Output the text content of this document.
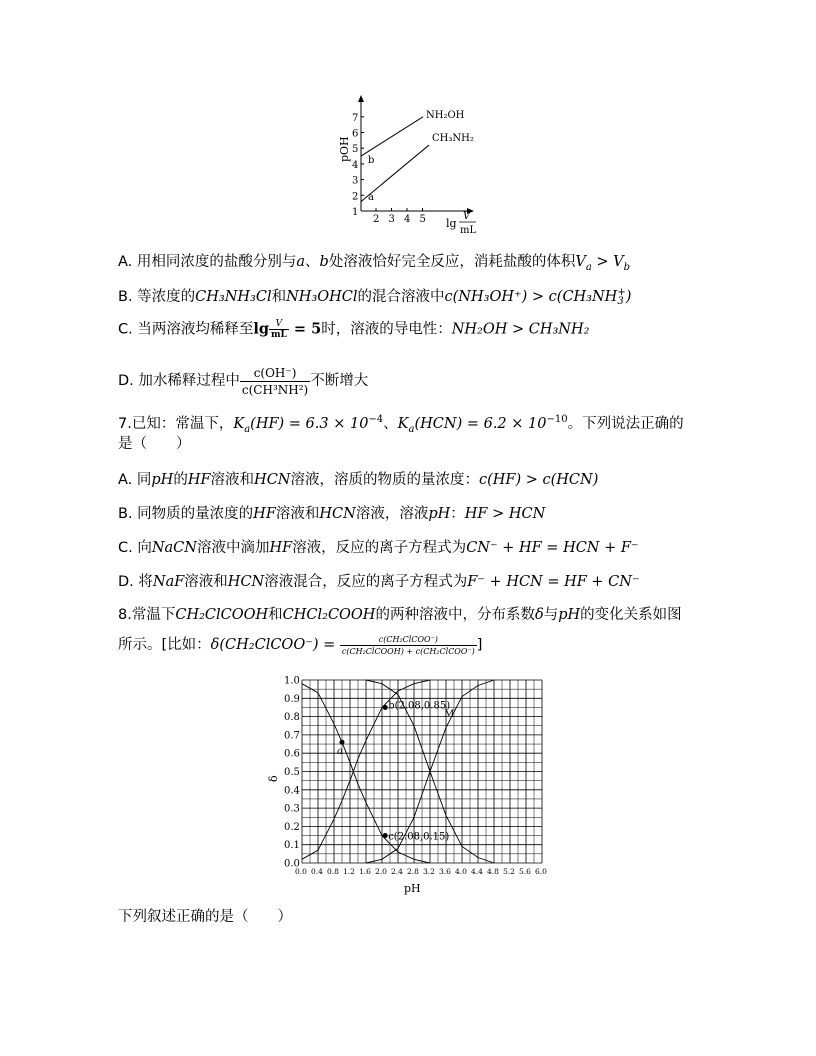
1
2
3
4
5
6
7
2 3 4 5
pOH
NH₂OH
CH₃NH₂
b
a
lg
V
mL
A. 用相同浓度的盐酸分别与a、b处溶液恰好完全反应，消耗盐酸的体积$V_a > V_b$
B. 等浓度的CH₃NH₃Cl和NH₃OHCl的混合溶液中c(NH₃OH⁺) > c(CH₃NH +
3 )
C. 当两溶液均稀释至$\lg \frac{V}{mL} = 5$时，溶液的导电性：NH₂OH > CH₃NH₂
D. 加水稀释过程中 $\frac{c(OH^-)}{\text{c(CH³NH²)}}$ 不断增大
7.已知：常温下，$K_a(HF) = 6.3 \times 10^{-4}$、$K_a(HCN) = 6.2 \times 10^{-10}$。下列说法正确的
是（　　）
A. 同pH的HF溶液和HCN溶液，溶质的物质的量浓度：c(HF) > c(HCN)
B. 同物质的量浓度的HF溶液和HCN溶液，溶液pH：HF > HCN
C. 向NaCN溶液中滴加HF溶液，反应的离子方程式为CN⁻ + HF = HCN + F⁻
D. 将NaF溶液和HCN溶液混合，反应的离子方程式为F⁻ + HCN = HF + CN⁻
8.常温下CH₂ClCOOH和CHCl₂COOH的两种溶液中，分布系数δ与pH的变化关系如图
所示。[比如：δ(CH₂ClCOO⁻) = $\frac{\text{c(CH₂ClCOO⁻)}}{\text{c(CH₂ClCOOH) + c(CH₂ClCOO⁻)}}$ ]
0.0
0.1
0.2
0.3
0.4
0.5
0.6
0.7
0.8
0.9
1.0
0.0 0.4 0.8 1.2 1.6 2.0 2.4 2.8 3.2 3.6 4.0 4.4 4.8 5.2 5.6 6.0
δ
pH
a
b(2.08,0.85)
c(2.08,0.15)
M
下列叙述正确的是（　　）
